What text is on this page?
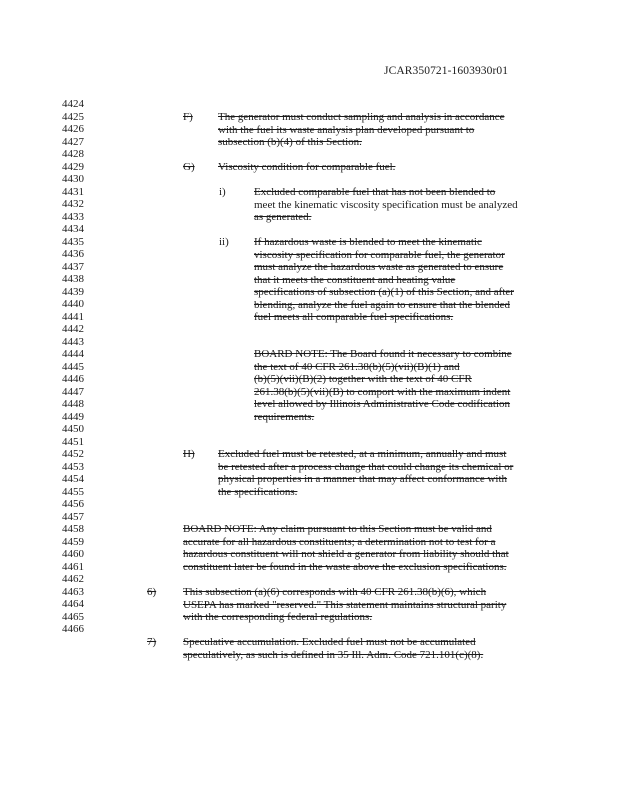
JCAR350721-1603930r01
4424
4425
4426
4427
4428
4429
4430
4431
4432
4433
4434
4435
4436
4437
4438
4439
4440
4441
4442
4443
4444
4445
4446
4447
4448
4449
4450
4451
4452
4453
4454
4455
4456
4457
4458
4459
4460
4461
4462
4463
4464
4465
4466
F) The generator must conduct sampling and analysis in accordance
with the fuel its waste analysis plan developed pursuant to
subsection (b)(4) of this Section.
G) Viscosity condition for comparable fuel.
i)	Excluded comparable fuel that has not been blended to
meet the kinematic viscosity specification must be analyzed
as generated.
ii) If hazardous waste is blended to meet the kinematic
viscosity specification for comparable fuel, the generator
must analyze the hazardous waste as generated to ensure
that it meets the constituent and heating value
specifications of subsection (a)(1) of this Section, and after
blending, analyze the fuel again to ensure that the blended
fuel meets all comparable fuel specifications.
BOARD NOTE: The Board found it necessary to combine
the text of 40 CFR 261.38(b)(5)(vii)(B)(1) and
(b)(5)(vii)(B)(2) together with the text of 40 CFR
261.38(b)(5)(vii)(B) to comport with the maximum indent
level allowed by Illinois Administrative Code codification
requirements.
H) Excluded fuel must be retested, at a minimum, annually and must
be retested after a process change that could change its chemical or
physical properties in a manner that may affect conformance with
the specifications.
BOARD NOTE: Any claim pursuant to this Section must be valid and
accurate for all hazardous constituents; a determination not to test for a
hazardous constituent will not shield a generator from liability should that
constituent later be found in the waste above the exclusion specifications.
6) This subsection (a)(6) corresponds with 40 CFR 261.38(b)(6), which
USEPA has marked "reserved." This statement maintains structural parity
with the corresponding federal regulations.
7) Speculative accumulation. Excluded fuel must not be accumulated
speculatively, as such is defined in 35 Ill. Adm. Code 721.101(c)(8).
